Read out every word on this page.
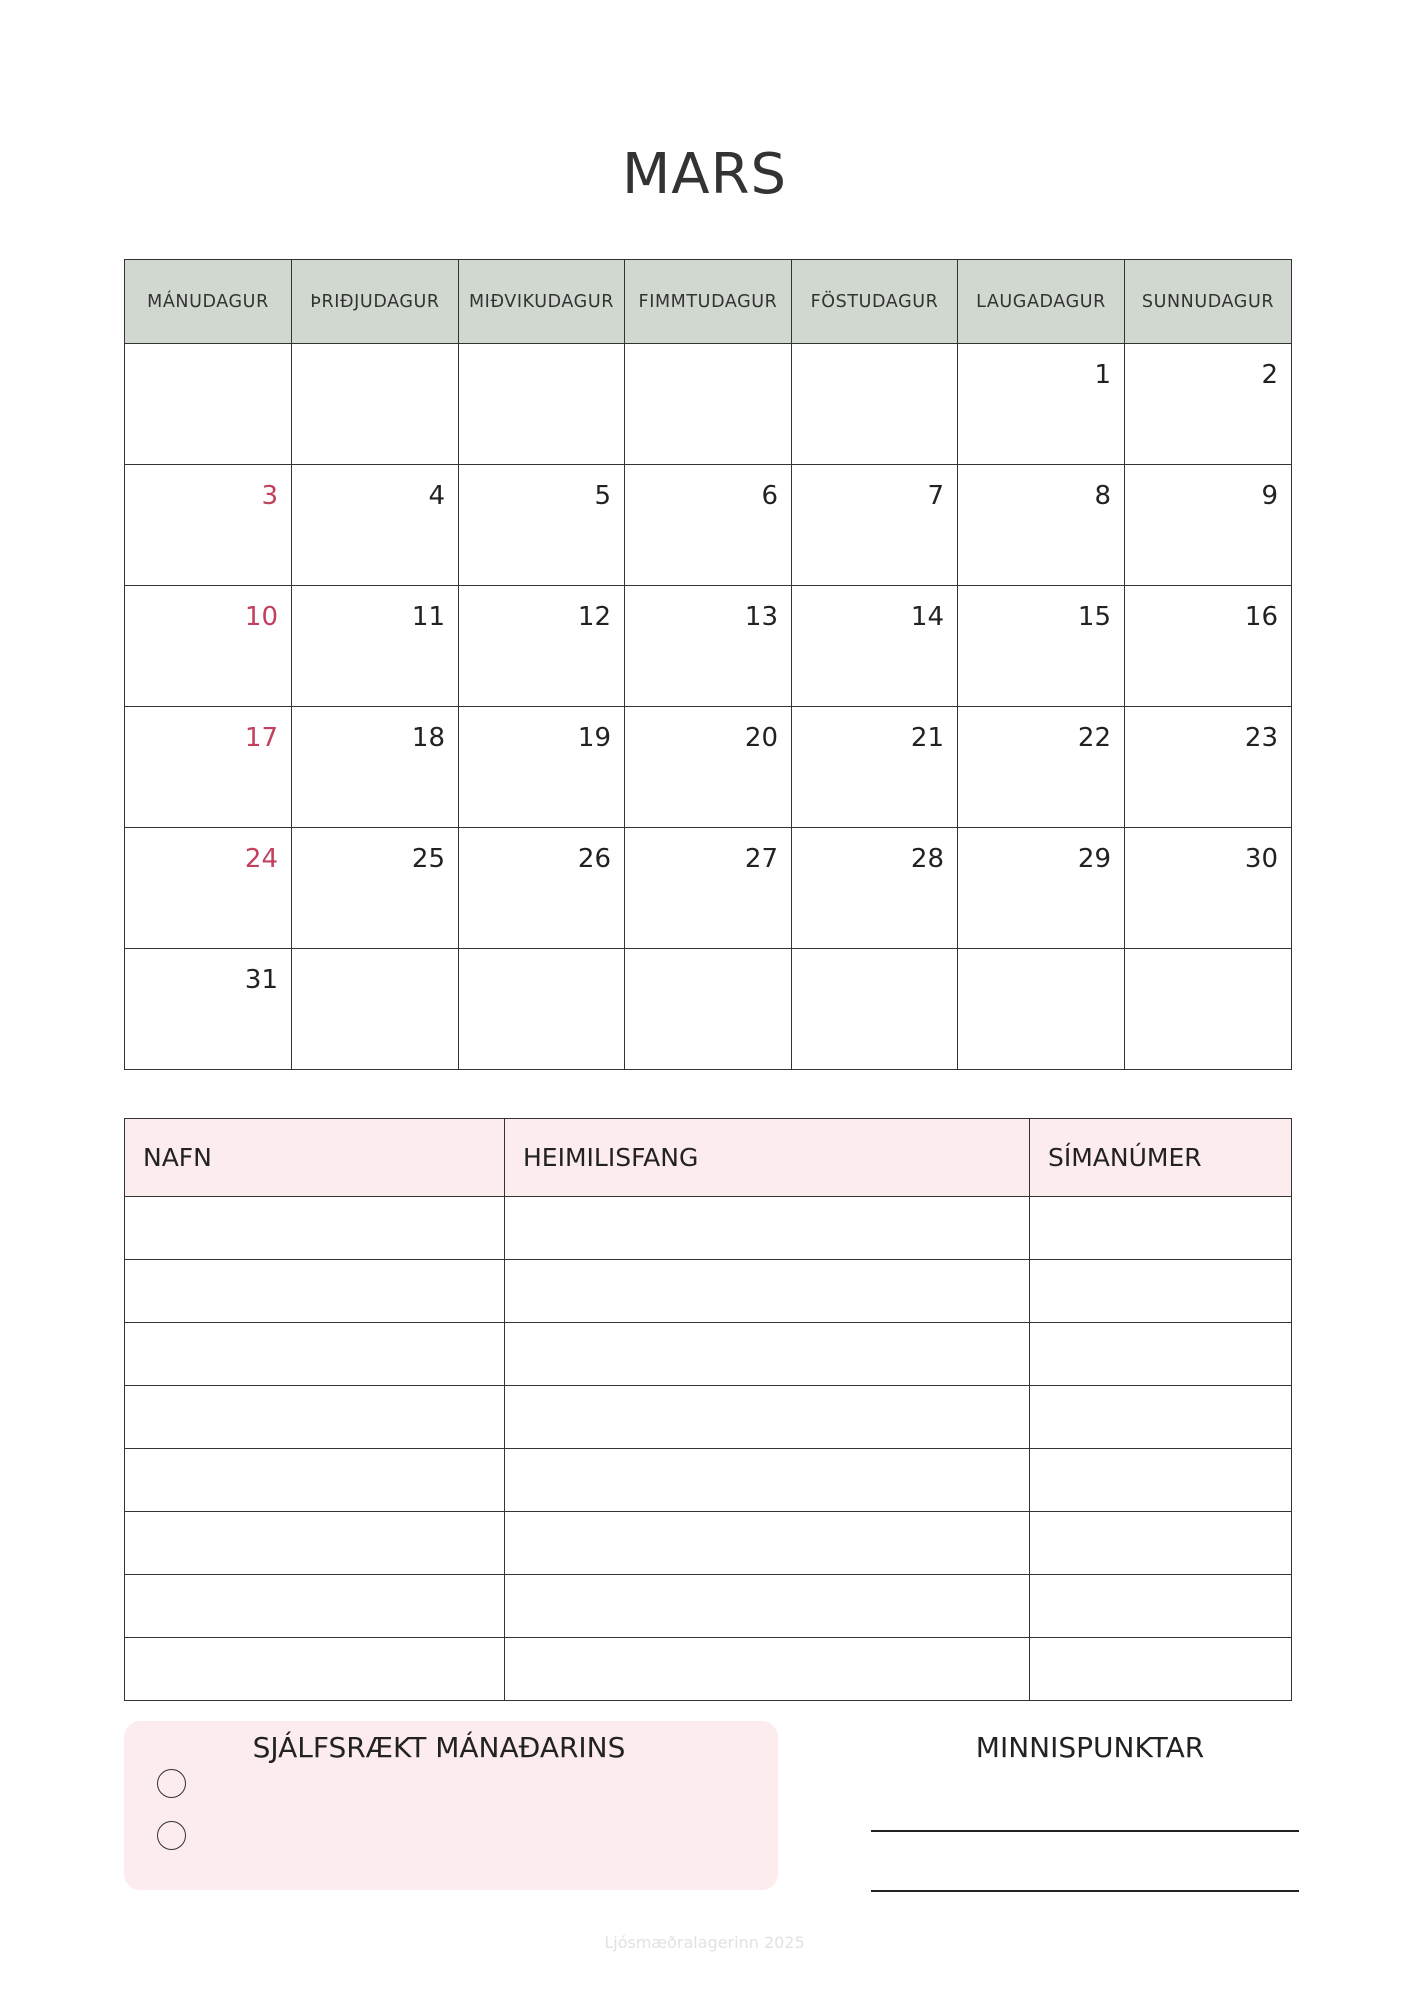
MARS
MÁNUDAGUR	ÞRIÐJUDAGUR	MIÐVIKUDAGUR	FIMMTUDAGUR	FÖSTUDAGUR	LAUGADAGUR	SUNNUDAGUR

					1	2

3	4	5	6	7	8	9

10	11	12	13	14	15	16

17	18	19	20	21	22	23

24	25	26	27	28	29	30

31						

NAFN	HEIMILISFANG	SÍMANÚMER

SJÁLFSRÆKT MÁNAÐARINS	MINNISPUNKTAR
Ljósmæðralagerinn 2025
